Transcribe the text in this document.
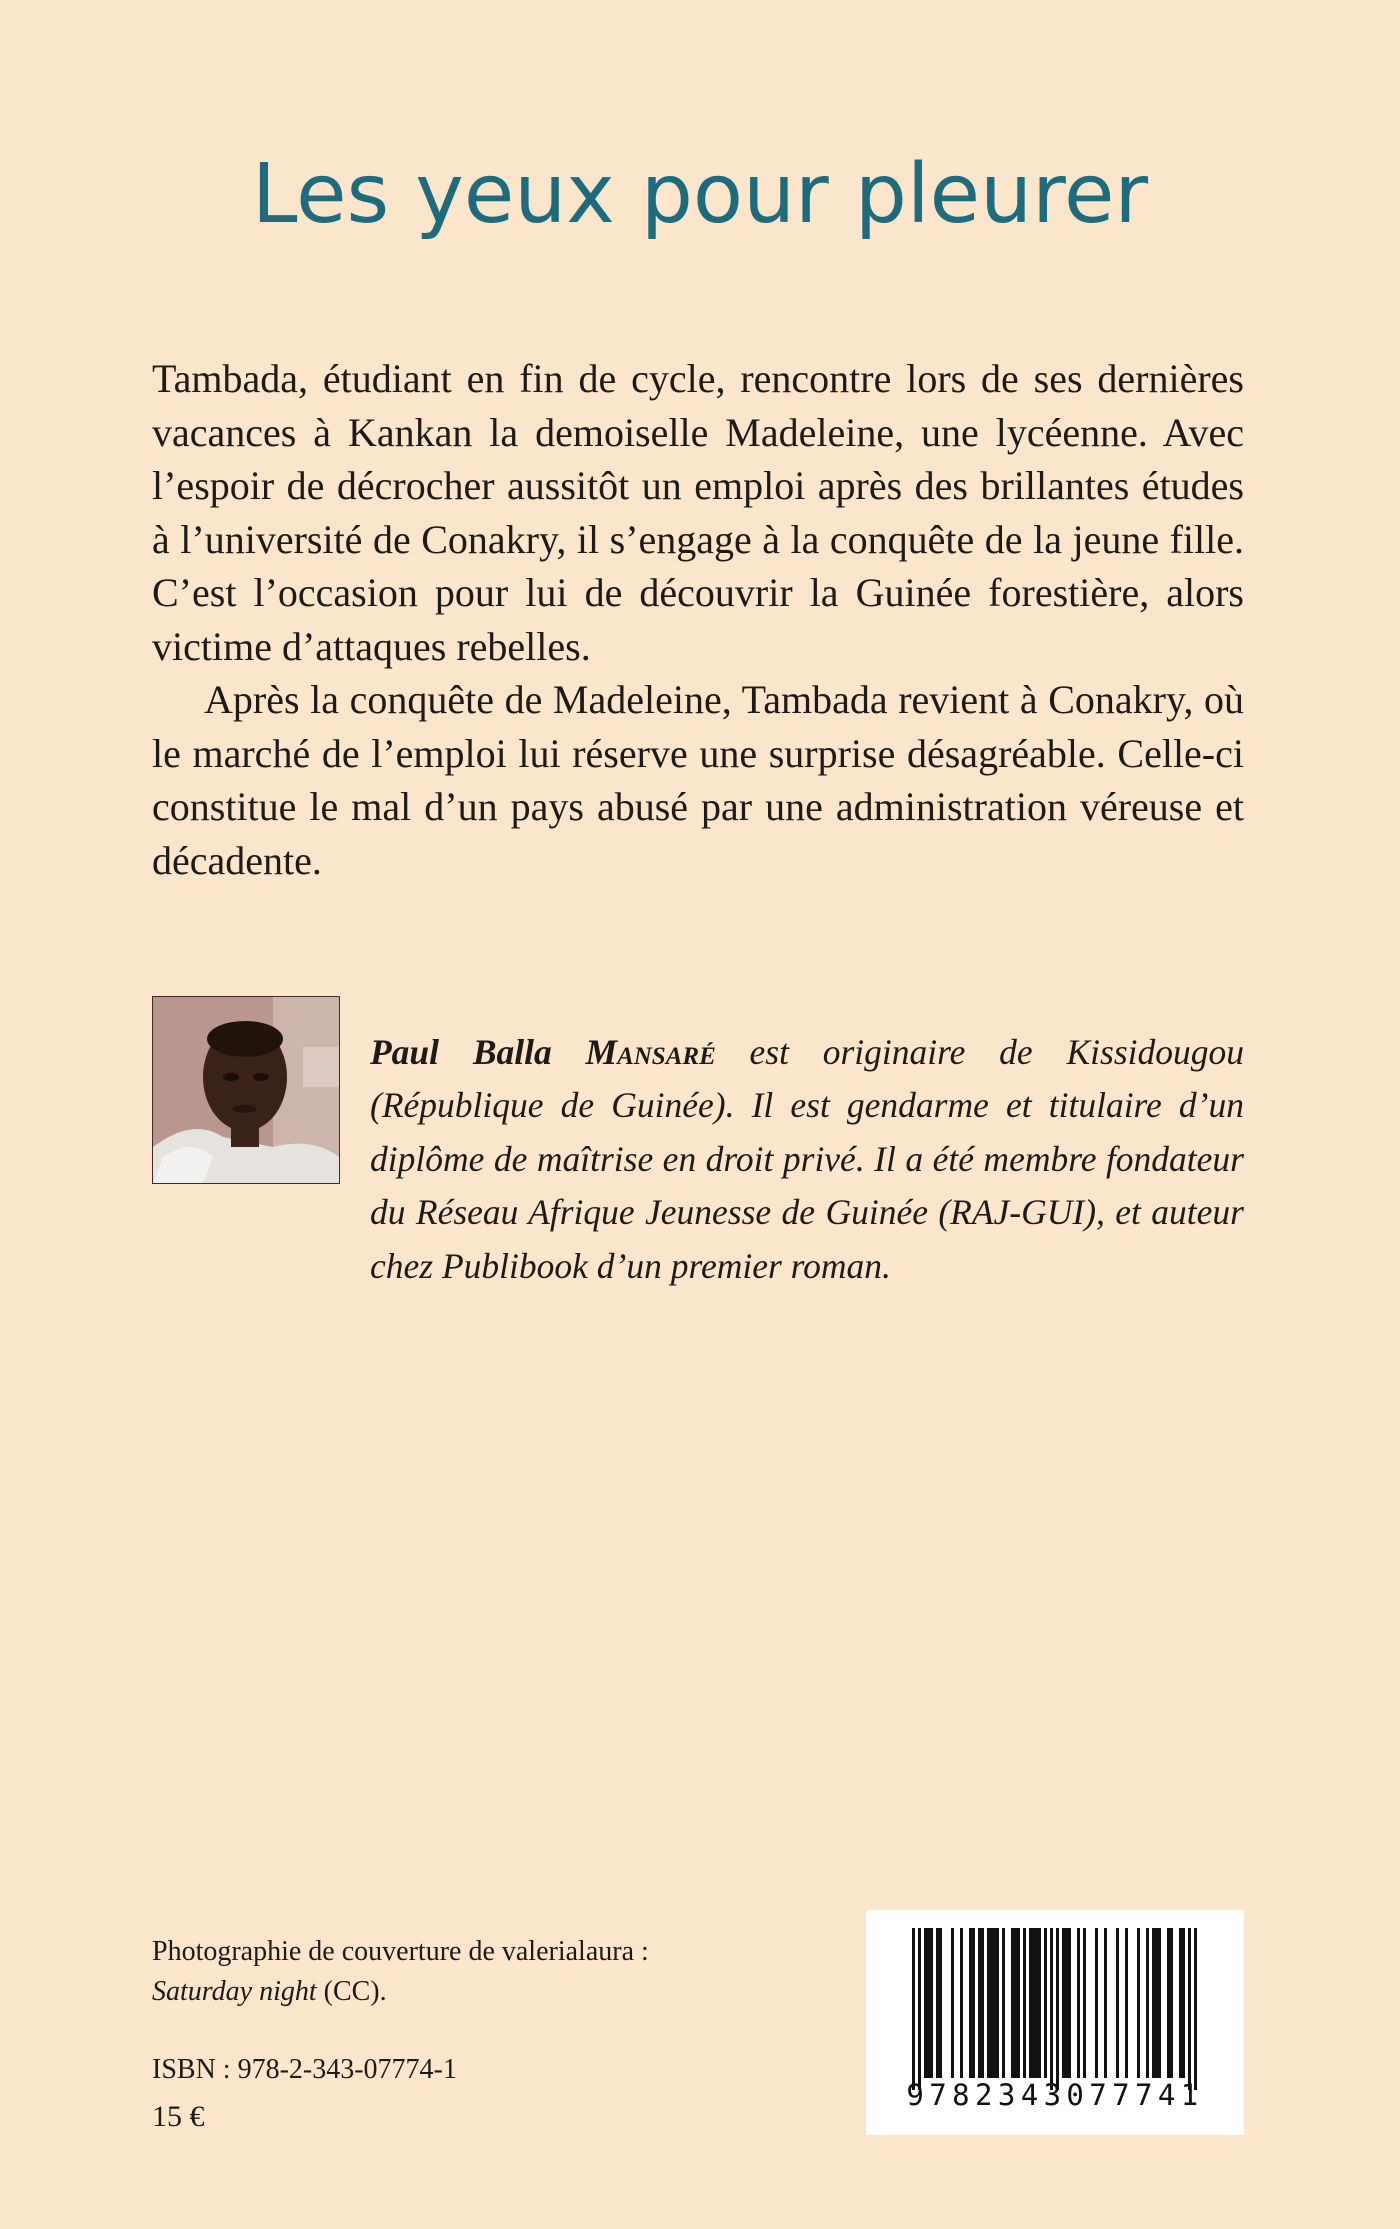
Les yeux pour pleurer

Tambada, étudiant en fin de cycle, rencontre lors de ses dernières vacances à Kankan la demoiselle Madeleine, une lycéenne. Avec l’espoir de décrocher aussitôt un emploi après des brillantes études à l’université de Conakry, il s’engage à la conquête de la jeune fille. C’est l’occasion pour lui de découvrir la Guinée forestière, alors victime d’attaques rebelles.

Après la conquête de Madeleine, Tambada revient à Conakry, où le marché de l’emploi lui réserve une surprise désagréable. Celle-ci constitue le mal d’un pays abusé par une administration véreuse et décadente.

Paul Balla Mansaré est originaire de Kissidougou (République de Guinée). Il est gendarme et titulaire d’un diplôme de maîtrise en droit privé. Il a été membre fondateur du Réseau Afrique Jeunesse de Guinée (RAJ-GUI), et auteur chez Publibook d’un premier roman.

Photographie de couverture de valerialaura :
Saturday night (CC).
ISBN : 978-2-343-07774-1
15 €
9782343077741
